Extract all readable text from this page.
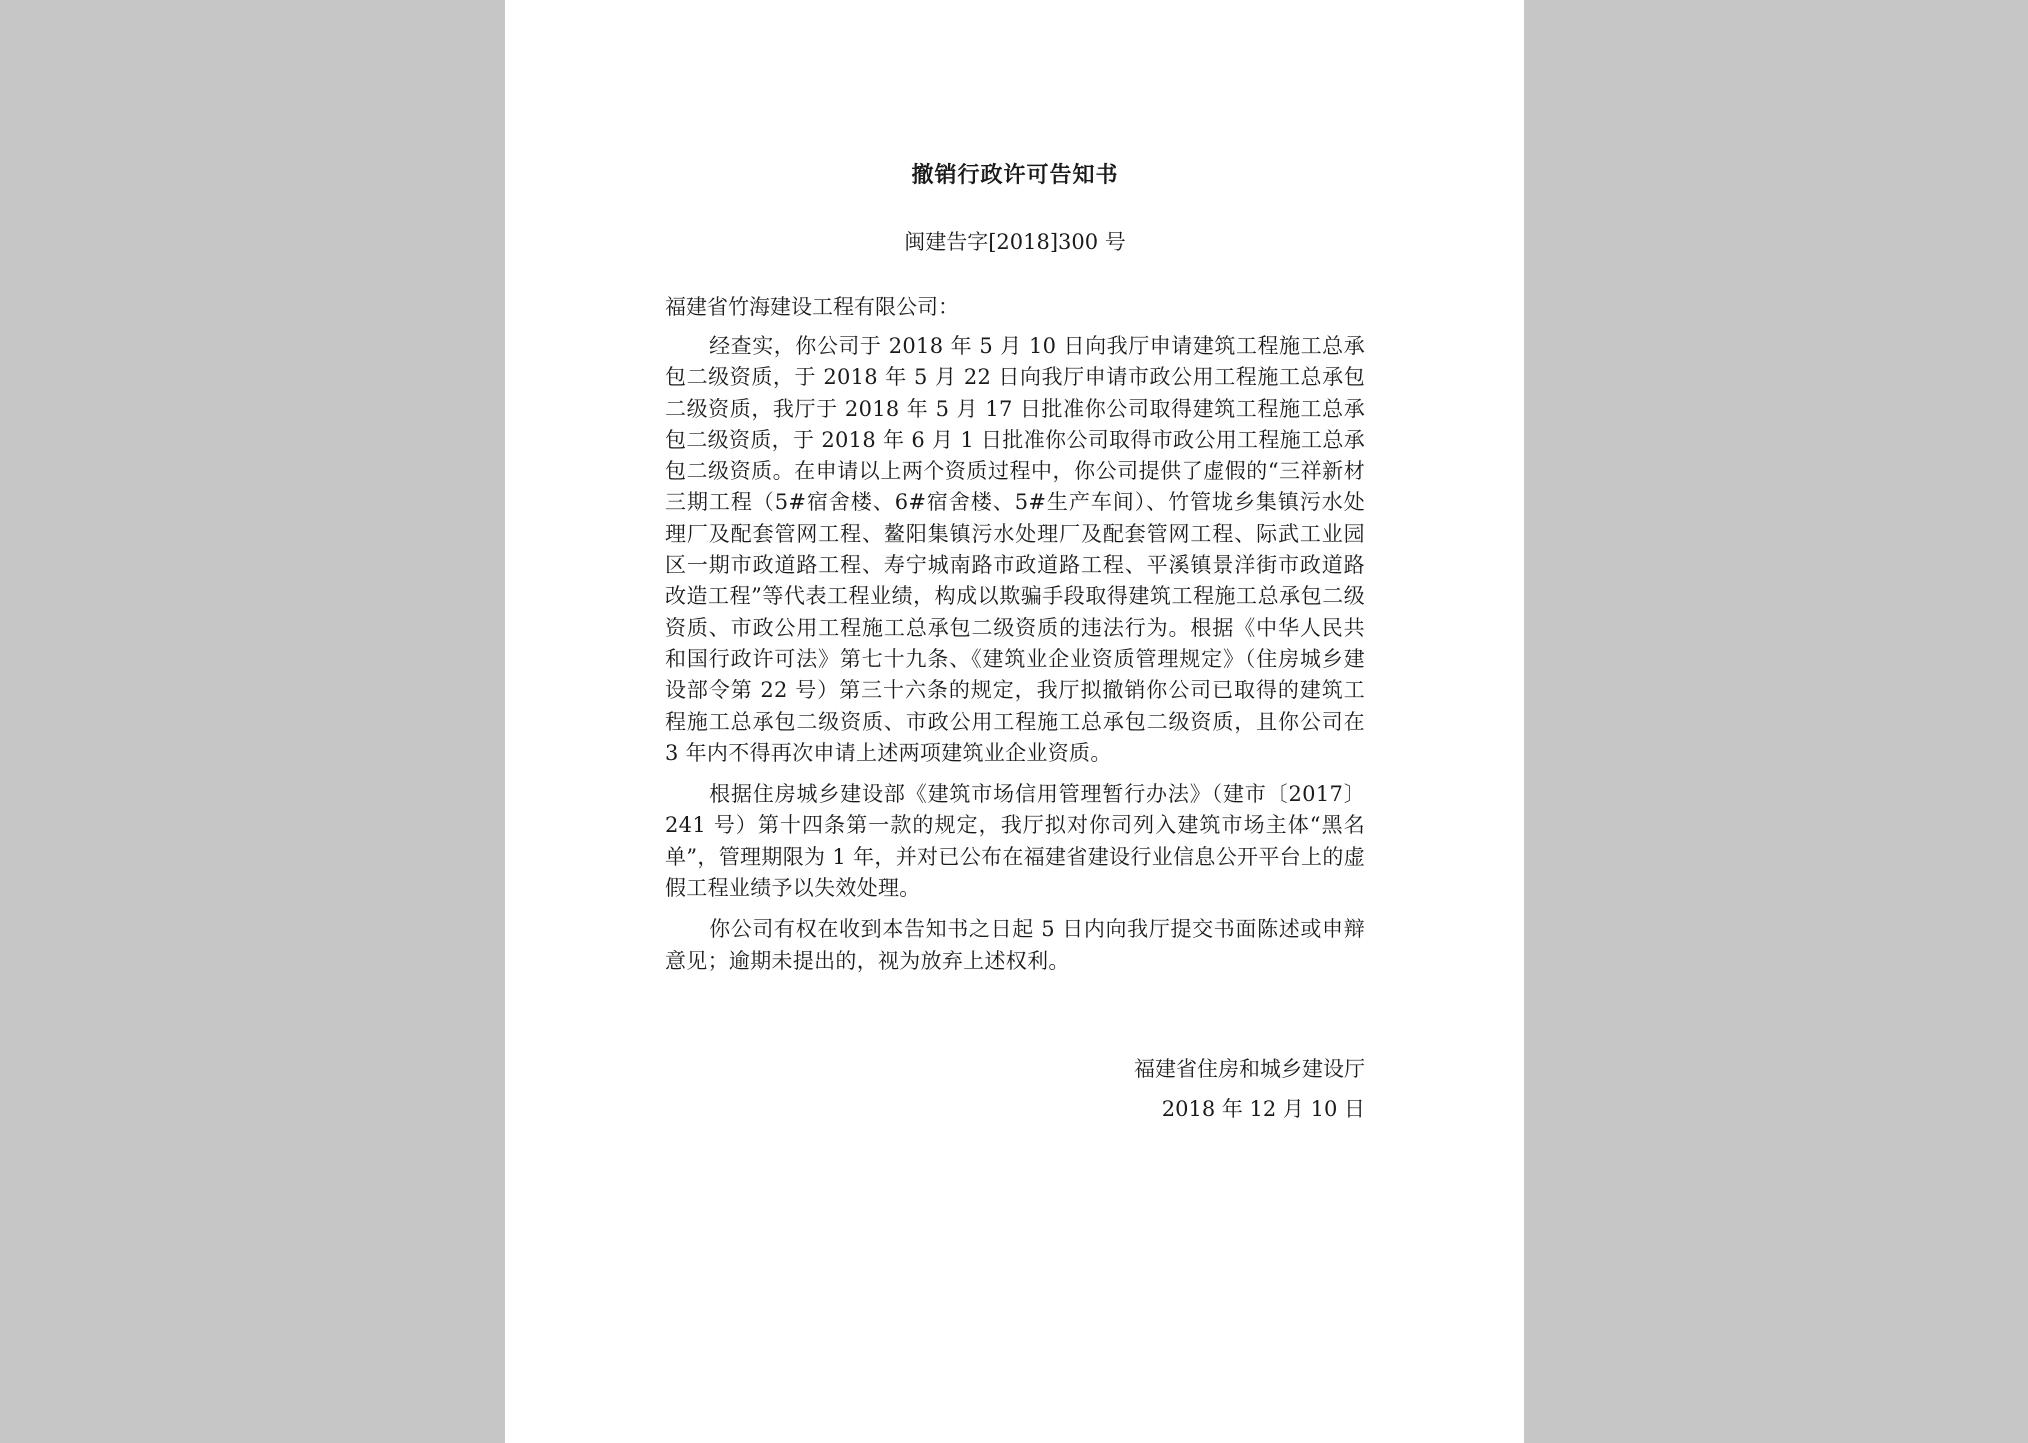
撤销行政许可告知书
闽建告字[2018]300 号
福建省竹海建设工程有限公司：

经查实，你公司于 2018 年 5 月 10 日向我厅申请建筑工程施工总承包二级资质，于 2018 年 5 月 22 日向我厅申请市政公用工程施工总承包二级资质，我厅于 2018 年 5 月 17 日批准你公司取得建筑工程施工总承包二级资质，于 2018 年 6 月 1 日批准你公司取得市政公用工程施工总承包二级资质。在申请以上两个资质过程中，你公司提供了虚假的“三祥新材三期工程（5#宿舍楼、6#宿舍楼、5#生产车间）、竹管垅乡集镇污水处理厂及配套管网工程、鳌阳集镇污水处理厂及配套管网工程、际武工业园区一期市政道路工程、寿宁城南路市政道路工程、平溪镇景洋街市政道路改造工程”等代表工程业绩，构成以欺骗手段取得建筑工程施工总承包二级资质、市政公用工程施工总承包二级资质的违法行为。根据《中华人民共和国行政许可法》第七十九条、《建筑业企业资质管理规定》（住房城乡建设部令第 22 号）第三十六条的规定，我厅拟撤销你公司已取得的建筑工程施工总承包二级资质、市政公用工程施工总承包二级资质，且你公司在 3 年内不得再次申请上述两项建筑业企业资质。

根据住房城乡建设部《建筑市场信用管理暂行办法》（建市〔2017〕241 号）第十四条第一款的规定，我厅拟对你司列入建筑市场主体“黑名单”，管理期限为 1 年，并对已公布在福建省建设行业信息公开平台上的虚假工程业绩予以失效处理。

你公司有权在收到本告知书之日起 5 日内向我厅提交书面陈述或申辩意见；逾期未提出的，视为放弃上述权利。

福建省住房和城乡建设厅
2018 年 12 月 10 日
